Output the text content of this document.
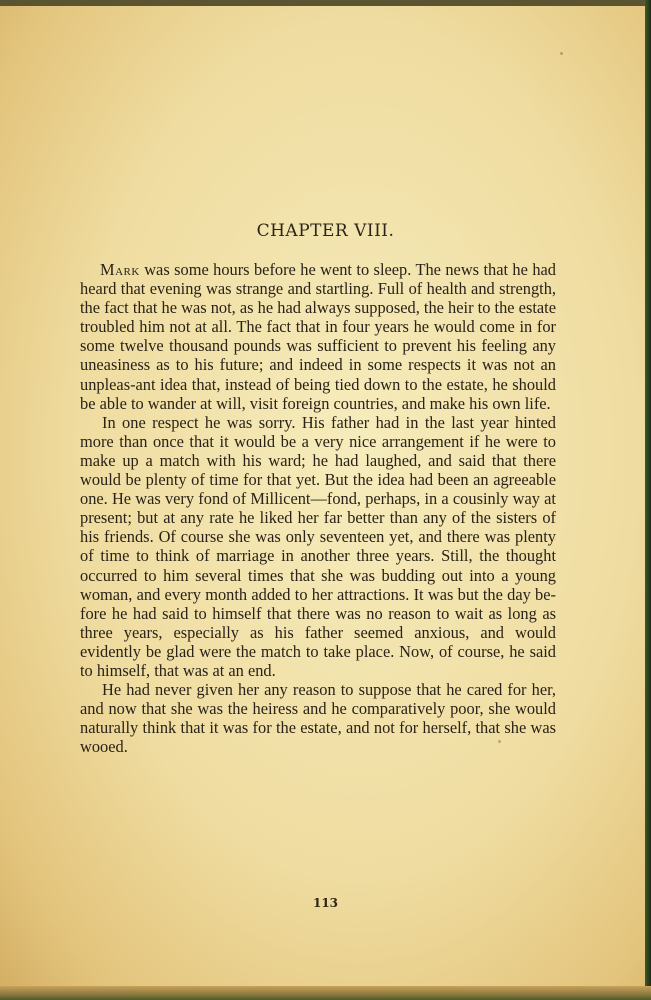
CHAPTER VIII.

Mark was some hours before he went to sleep. The news that he had heard that evening was strange and startling. Full of health and strength, the fact that he was not, as he had always supposed, the heir to the estate troubled him not at all. The fact that in four years he would come in for some twelve thousand pounds was sufficient to prevent his feeling any uneasiness as to his future; and indeed in some respects it was not an unpleas-ant idea that, instead of being tied down to the estate, he should be able to wander at will, visit foreign countries, and make his own life.

In one respect he was sorry. His father had in the last year hinted more than once that it would be a very nice arrangement if he were to make up a match with his ward; he had laughed, and said that there would be plenty of time for that yet. But the idea had been an agreeable one. He was very fond of Millicent—fond, perhaps, in a cousinly way at present; but at any rate he liked her far better than any of the sisters of his friends. Of course she was only seventeen yet, and there was plenty of time to think of marriage in another three years. Still, the thought occurred to him several times that she was budding out into a young woman, and every month added to her attractions. It was but the day be-fore he had said to himself that there was no reason to wait as long as three years, especially as his father seemed anxious, and would evidently be glad were the match to take place. Now, of course, he said to himself, that was at an end.

He had never given her any reason to suppose that he cared for her, and now that she was the heiress and he comparatively poor, she would naturally think that it was for the estate, and not for herself, that she was wooed.

113
